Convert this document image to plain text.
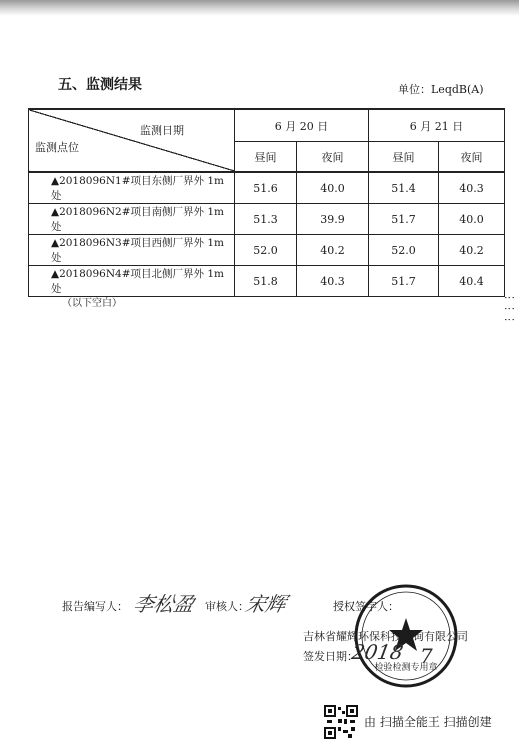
五、监测结果	单位：LeqdB(A)
监测日期
监测点位	6 月 20 日		6 月 21 日	
	昼间	夜间	昼间	夜间
▲2018096N1#项目东侧厂界外 1m 处	51.6	40.0	51.4	40.3
▲2018096N2#项目南侧厂界外 1m 处	51.3	39.9	51.7	40.0
▲2018096N3#项目西侧厂界外 1m 处	52.0	40.2	52.0	40.2
▲2018096N4#项目北侧厂界外 1m 处	51.8	40.3	51.7	40.4
（以下空白）	⋮⋮⋮
报告编写人： 李松盈 审核人：
宋辉	授权签字人：
检验检测专用章
吉林省耀辉环保科技咨询有限公司
签发日期：
2018 7
由 扫描全能王 扫描创建
